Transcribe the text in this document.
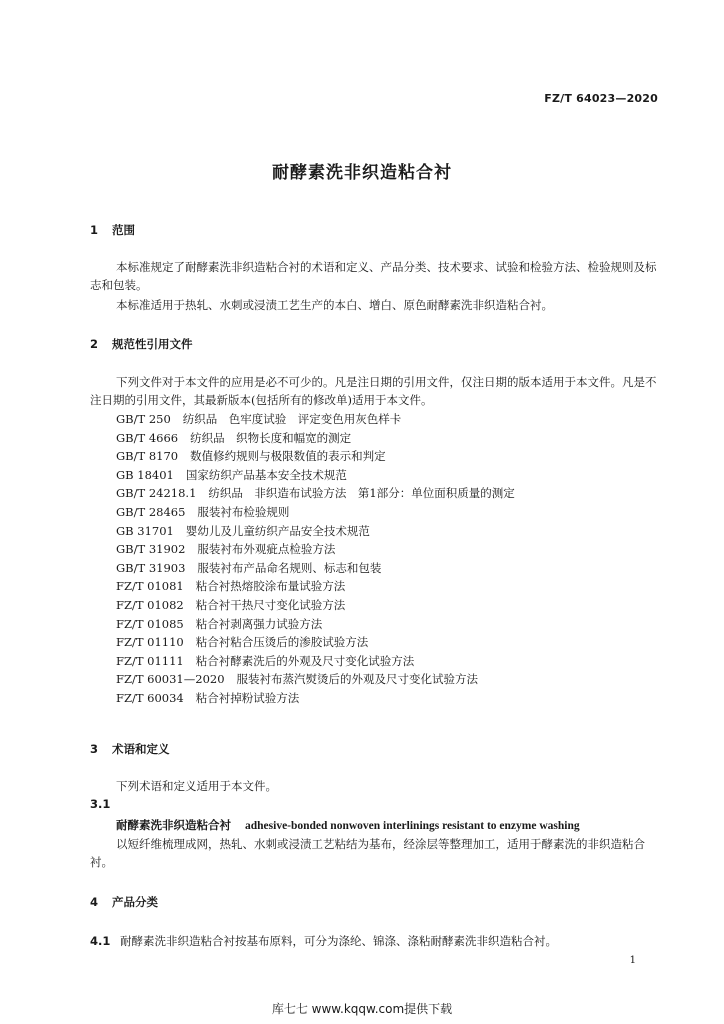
FZ/T 64023—2020
耐酵素洗非织造粘合衬
1 范围
本标准规定了耐酵素洗非织造粘合衬的术语和定义、产品分类、技术要求、试验和检验方法、检验规则及标志和包装。
本标准适用于热轧、水刺或浸渍工艺生产的本白、增白、原色耐酵素洗非织造粘合衬。
2 规范性引用文件
下列文件对于本文件的应用是必不可少的。凡是注日期的引用文件，仅注日期的版本适用于本文件。凡是不注日期的引用文件，其最新版本(包括所有的修改单)适用于本文件。
GB/T 250 纺织品　色牢度试验　评定变色用灰色样卡
GB/T 4666 纺织品　织物长度和幅宽的测定
GB/T 8170 数值修约规则与极限数值的表示和判定
GB 18401 国家纺织产品基本安全技术规范
GB/T 24218.1 纺织品　非织造布试验方法　第1部分：单位面积质量的测定
GB/T 28465 服装衬布检验规则
GB 31701 婴幼儿及儿童纺织产品安全技术规范
GB/T 31902 服装衬布外观疵点检验方法
GB/T 31903 服装衬布产品命名规则、标志和包装
FZ/T 01081 粘合衬热熔胶涂布量试验方法
FZ/T 01082 粘合衬干热尺寸变化试验方法
FZ/T 01085 粘合衬剥离强力试验方法
FZ/T 01110 粘合衬粘合压烫后的渗胶试验方法
FZ/T 01111 粘合衬酵素洗后的外观及尺寸变化试验方法
FZ/T 60031—2020 服装衬布蒸汽熨烫后的外观及尺寸变化试验方法
FZ/T 60034 粘合衬掉粉试验方法
3 术语和定义
下列术语和定义适用于本文件。
3.1
耐酵素洗非织造粘合衬 adhesive-bonded nonwoven interlinings resistant to enzyme washing
以短纤维梳理成网，热轧、水刺或浸渍工艺粘结为基布，经涂层等整理加工，适用于酵素洗的非织造粘合衬。
4 产品分类
4.1 耐酵素洗非织造粘合衬按基布原料，可分为涤纶、锦涤、涤粘耐酵素洗非织造粘合衬。
1
库七七 www.kqqw.com提供下载
